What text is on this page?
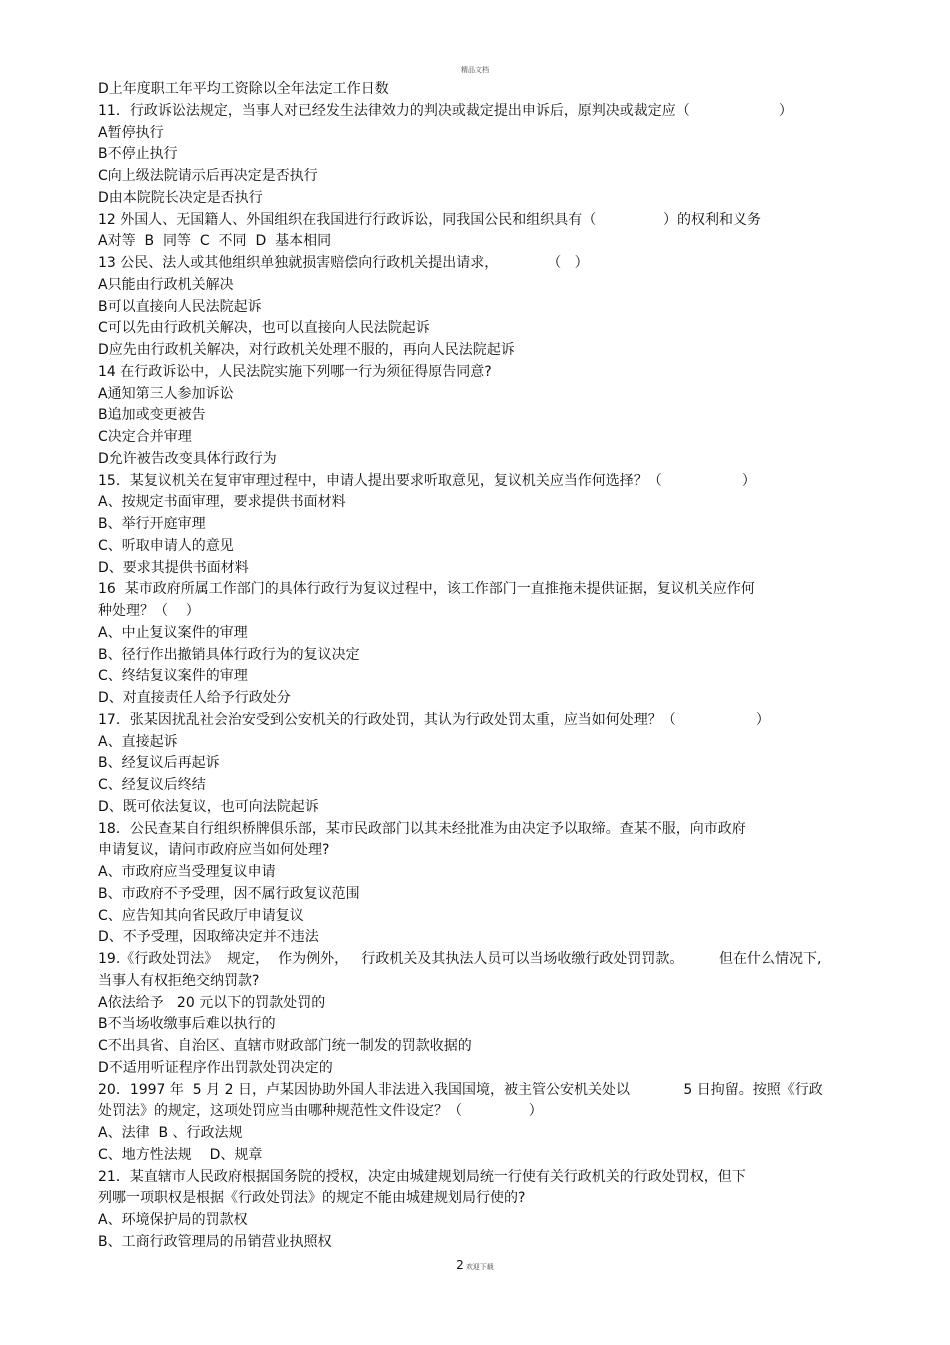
精品文档
D上年度职工年平均工资除以全年法定工作日数
11．行政诉讼法规定，当事人对已经发生法律效力的判决或裁定提出申诉后，原判决或裁定应（                    ）
A暂停执行
B不停止执行
C向上级法院请示后再决定是否执行
D由本院院长决定是否执行
12 外国人、无国籍人、外国组织在我国进行行政诉讼，同我国公民和组织具有（               ）的权利和义务
A对等  B  同等  C  不同  D  基本相同
13 公民、法人或其他组织单独就损害赔偿向行政机关提出请求，           （   ）
A只能由行政机关解决
B可以直接向人民法院起诉
C可以先由行政机关解决，也可以直接向人民法院起诉
D应先由行政机关解决，对行政机关处理不服的，再向人民法院起诉
14 在行政诉讼中，人民法院实施下列哪一行为须征得原告同意?
A通知第三人参加诉讼
B追加或变更被告
C决定合并审理
D允许被告改变具体行政行为
15．某复议机关在复审审理过程中，申请人提出要求听取意见，复议机关应当作何选择？（                  ）
A、按规定书面审理，要求提供书面材料
B、举行开庭审理
C、听取申请人的意见
D、要求其提供书面材料
16  某市政府所属工作部门的具体行政行为复议过程中，该工作部门一直推拖未提供证据，复议机关应作何
种处理？（    ）
A、中止复议案件的审理
B、径行作出撤销具体行政行为的复议决定
C、终结复议案件的审理
D、对直接责任人给予行政处分
17．张某因扰乱社会治安受到公安机关的行政处罚，其认为行政处罚太重，应当如何处理？（                  ）
A、直接起诉
B、经复议后再起诉
C、经复议后终结
D、既可依法复议，也可向法院起诉
18．公民查某自行组织桥牌俱乐部，某市民政部门以其未经批准为由决定予以取缔。查某不服，向市政府
申请复议，请问市政府应当如何处理?
A、市政府应当受理复议申请
B、市政府不予受理，因不属行政复议范围
C、应告知其向省民政厅申请复议
D、不予受理，因取缔决定并不违法
19.《行政处罚法》  规定，  作为例外，   行政机关及其执法人员可以当场收缴行政处罚罚款。        但在什么情况下,
当事人有权拒绝交纳罚款?
A依法给予   20 元以下的罚款处罚的
B不当场收缴事后难以执行的
C不出具省、自治区、直辖市财政部门统一制发的罚款收据的
D不适用听证程序作出罚款处罚决定的
20．1997 年  5 月 2 日，卢某因协助外国人非法进入我国国境，被主管公安机关处以            5 日拘留。按照《行政
处罚法》的规定，这项处罚应当由哪种规范性文件设定？（               ）
A、法律  B 、行政法规
C、地方性法规    D、规章
21．某直辖市人民政府根据国务院的授权，决定由城建规划局统一行使有关行政机关的行政处罚权，但下
列哪一项职权是根据《行政处罚法》的规定不能由城建规划局行使的?
A、环境保护局的罚款权
B、工商行政管理局的吊销营业执照权
2 欢迎下载
